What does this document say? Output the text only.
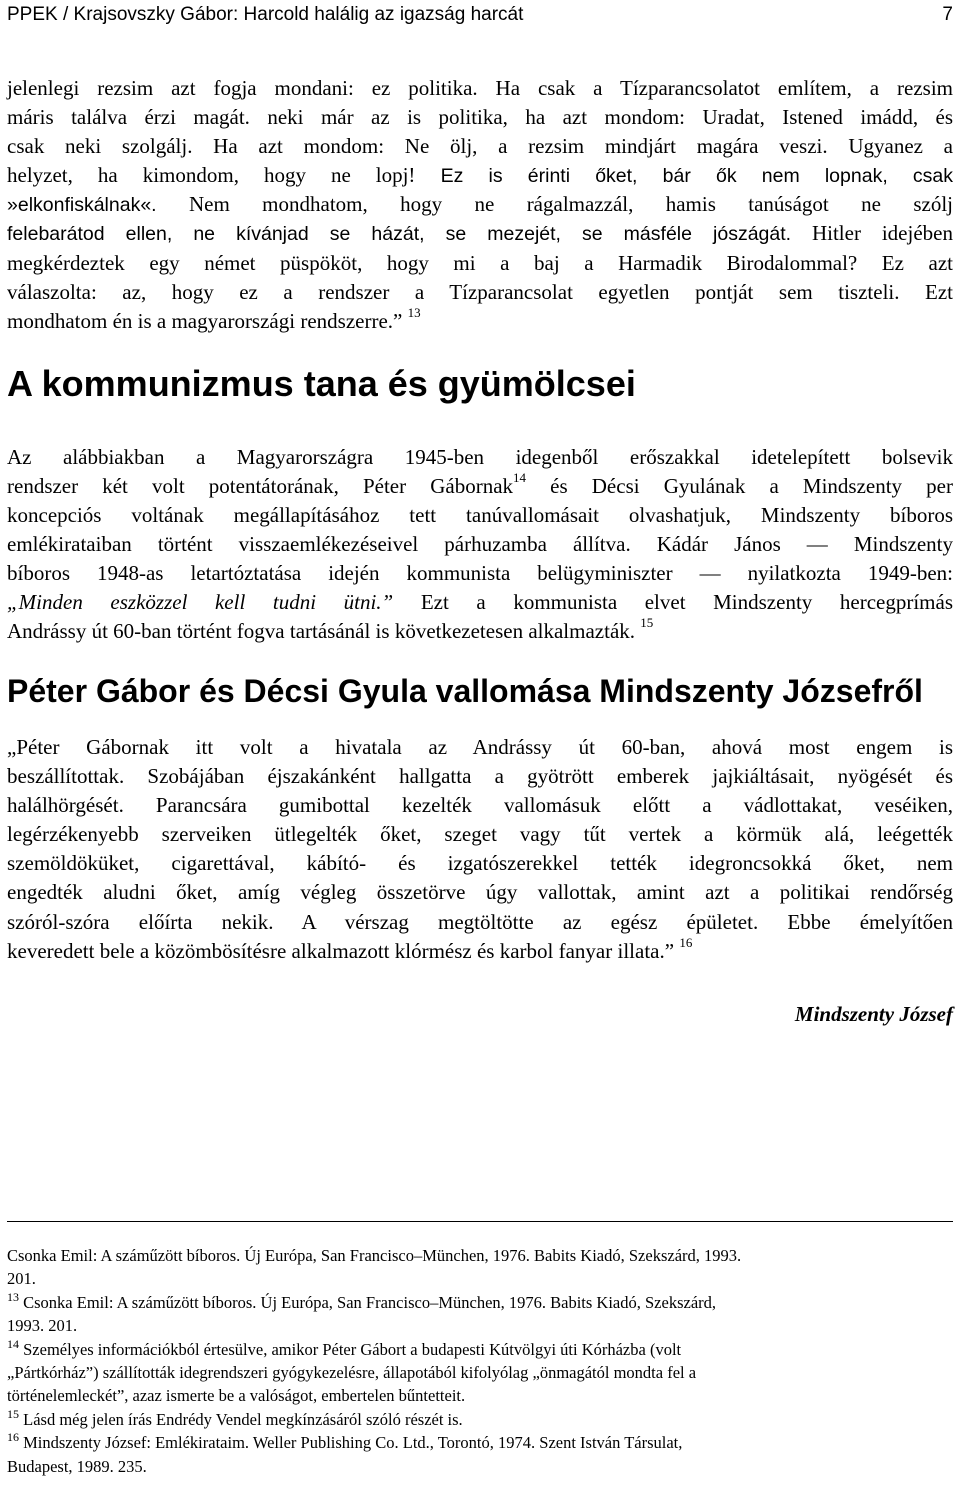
PPEK / Krajsovszky Gábor: Harcold halálig az igazság harcát	7
jelenlegi rezsim azt fogja mondani: ez politika. Ha csak a Tízparancsolatot említem, a rezsim
máris találva érzi magát. neki már az is politika, ha azt mondom: Uradat, Istened imádd, és
csak neki szolgálj. Ha azt mondom: Ne ölj, a rezsim mindjárt magára veszi. Ugyanez a
helyzet, ha kimondom, hogy ne lopj! Ez is érinti őket, bár ők nem lopnak, csak
»elkonfiskálnak«. Nem mondhatom, hogy ne rágalmazzál, hamis tanúságot ne szólj
felebarátod ellen, ne kívánjad se házát, se mezejét, se másféle jószágát. Hitler idejében
megkérdeztek egy német püspököt, hogy mi a baj a Harmadik Birodalommal? Ez azt
válaszolta: az, hogy ez a rendszer a Tízparancsolat egyetlen pontját sem tiszteli. Ezt
mondhatom én is a magyarországi rendszerre.” $^{13}$
A kommunizmus tana és gyümölcsei
Az alábbiakban a Magyarországra 1945-ben idegenből erőszakkal idetelepített bolsevik
rendszer két volt potentátorának, Péter Gábornak$^{14}$ és Décsi Gyulának a Mindszenty per
koncepciós voltának megállapításához tett tanúvallomásait olvashatjuk, Mindszenty bíboros
emlékirataiban történt visszaemlékezéseivel párhuzamba állítva. Kádár János — Mindszenty
bíboros 1948-as letartóztatása idején kommunista belügyminiszter — nyilatkozta 1949-ben:
„Minden eszközzel kell tudni ütni.” Ezt a kommunista elvet Mindszenty hercegprímás
Andrássy út 60-ban történt fogva tartásánál is következetesen alkalmazták. $^{15}$
Péter Gábor és Décsi Gyula vallomása Mindszenty Józsefről
„Péter Gábornak itt volt a hivatala az Andrássy út 60-ban, ahová most engem is
beszállítottak. Szobájában éjszakánként hallgatta a gyötrött emberek jajkiáltásait, nyögését és
halálhörgését. Parancsára gumibottal kezelték vallomásuk előtt a vádlottakat, veséiken,
legérzékenyebb szerveiken ütlegelték őket, szeget vagy tűt vertek a körmük alá, leégették
szemöldöküket, cigarettával, kábító- és izgatószerekkel tették idegroncsokká őket, nem
engedték aludni őket, amíg végleg összetörve úgy vallottak, amint azt a politikai rendőrség
szóról-szóra előírta nekik. A vérszag megtöltötte az egész épületet. Ebbe émelyítően
keveredett bele a közömbösítésre alkalmazott klórmész és karbol fanyar illata.” $^{16}$
Mindszenty József
Csonka Emil: A száműzött bíboros. Új Európa, San Francisco–München, 1976. Babits Kiadó, Szekszárd, 1993.
201.
$^{13}$ Csonka Emil: A száműzött bíboros. Új Európa, San Francisco–München, 1976. Babits Kiadó, Szekszárd,
1993. 201.
$^{14}$ Személyes információkból értesülve, amikor Péter Gábort a budapesti Kútvölgyi úti Kórházba (volt
„Pártkórház”) szállították idegrendszeri gyógykezelésre, állapotából kifolyólag „önmagától mondta fel a
történelemleckét”, azaz ismerte be a valóságot, embertelen bűntetteit.
$^{15}$ Lásd még jelen írás Endrédy Vendel megkínzásáról szóló részét is.
$^{16}$ Mindszenty József: Emlékirataim. Weller Publishing Co. Ltd., Torontó, 1974. Szent István Társulat,
Budapest, 1989. 235.
